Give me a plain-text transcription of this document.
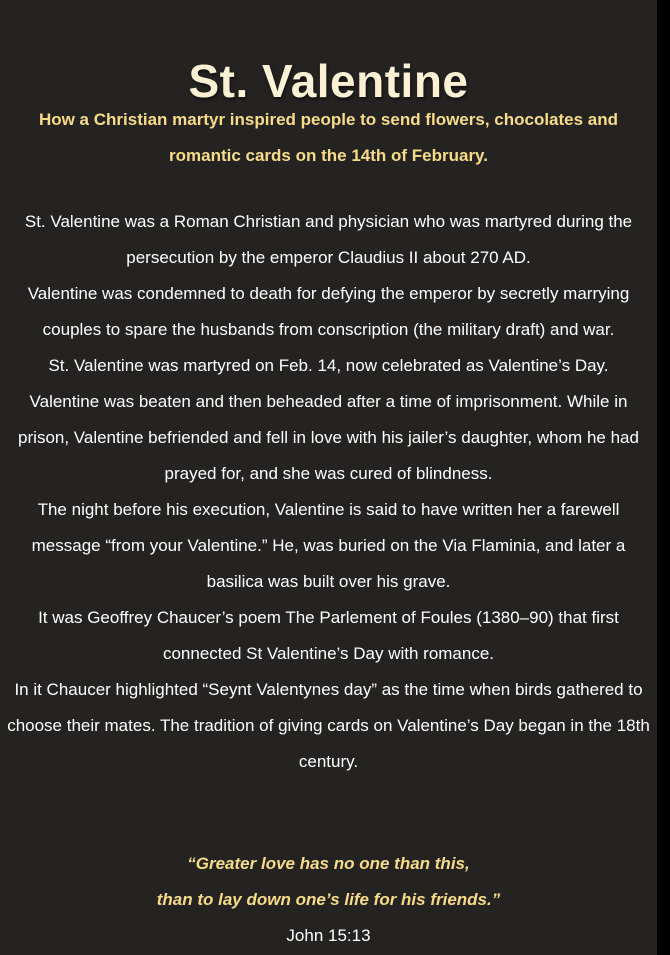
St. Valentine
How a Christian martyr inspired people to send flowers, chocolates and romantic cards on the 14th of February.

St. Valentine was a Roman Christian and physician who was martyred during the persecution by the emperor Claudius II about 270 AD.

Valentine was condemned to death for defying the emperor by secretly marrying couples to spare the husbands from conscription (the military draft) and war.

St. Valentine was martyred on Feb. 14, now celebrated as Valentine’s Day.

Valentine was beaten and then beheaded after a time of imprisonment. While in prison, Valentine befriended and fell in love with his jailer’s daughter, whom he had prayed for, and she was cured of blindness.

The night before his execution, Valentine is said to have written her a farewell message “from your Valentine.” He, was buried on the Via Flaminia, and later a basilica was built over his grave.

It was Geoffrey Chaucer’s poem The Parlement of Foules (1380–90) that first connected St Valentine’s Day with romance.

In it Chaucer highlighted “Seynt Valentynes day” as the time when birds gathered to choose their mates. The tradition of giving cards on Valentine’s Day began in the 18th century.

“Greater love has no one than this,
than to lay down one’s life for his friends.”
John 15:13
